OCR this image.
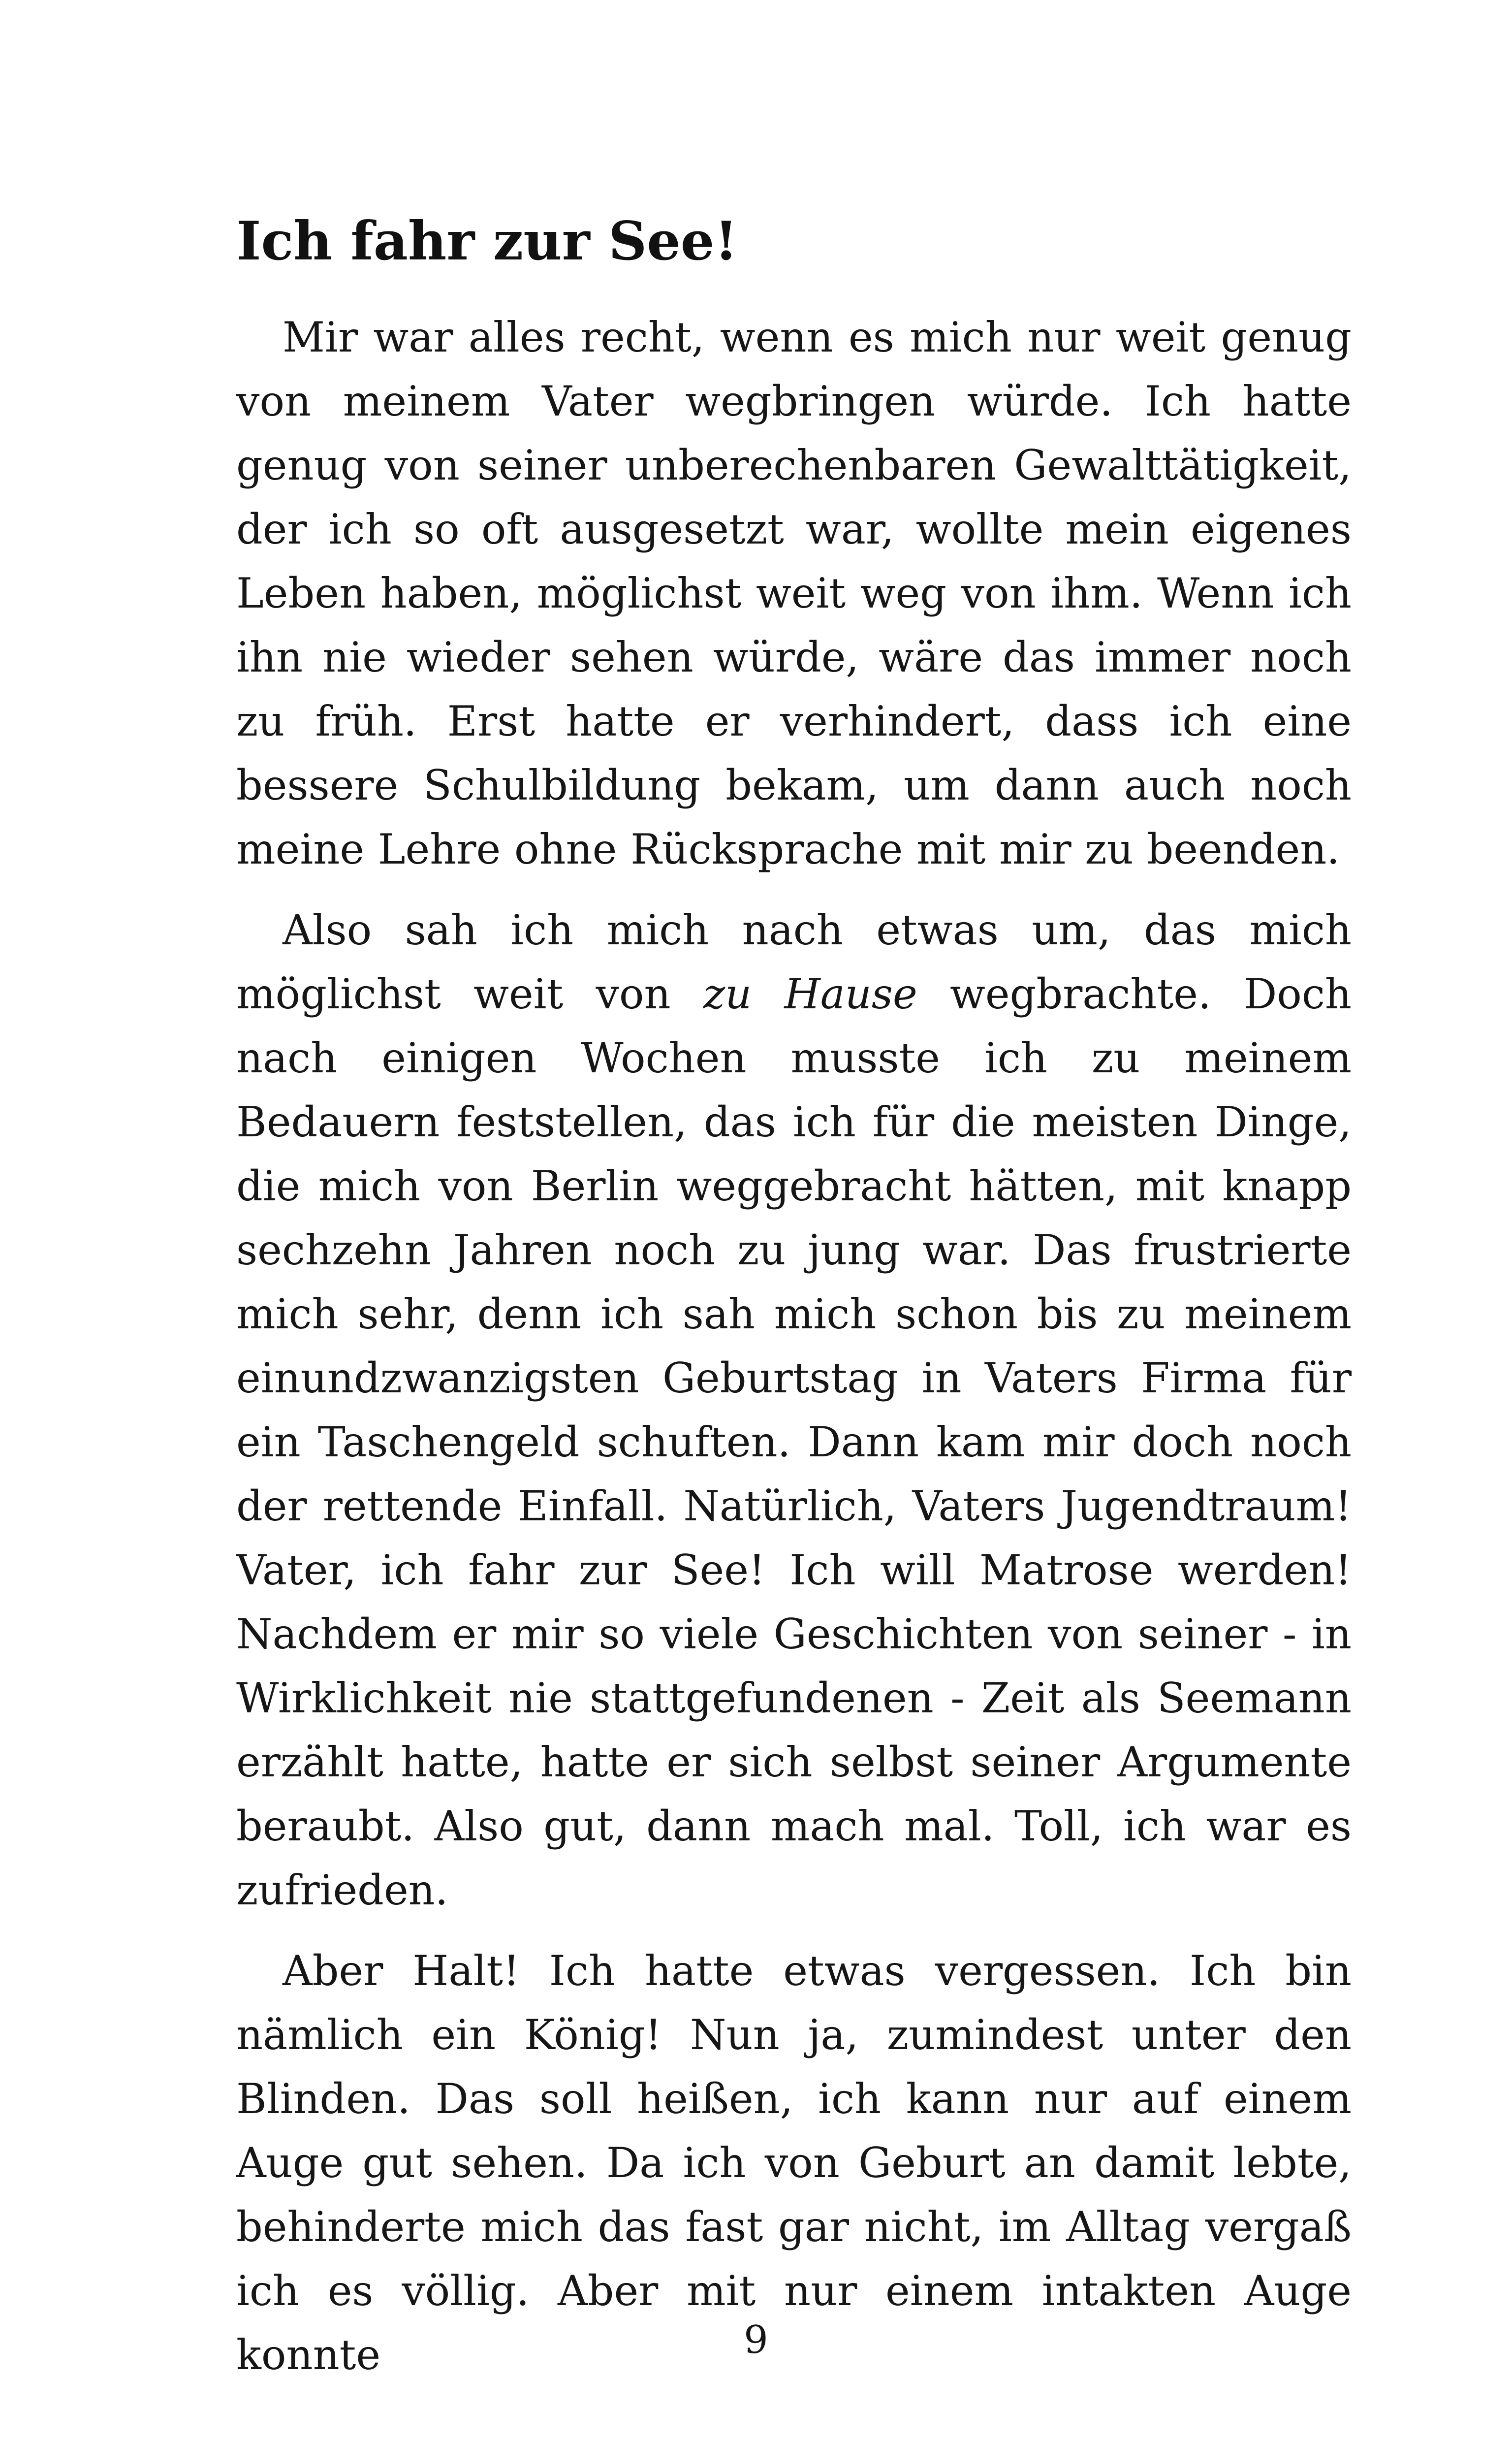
Ich fahr zur See!

Mir war alles recht, wenn es mich nur weit genug von meinem Vater wegbringen würde. Ich hatte genug von seiner unberechenbaren Gewalttätigkeit, der ich so oft ausgesetzt war, wollte mein eigenes Leben haben, möglichst weit weg von ihm. Wenn ich ihn nie wieder sehen würde, wäre das immer noch zu früh. Erst hatte er verhindert, dass ich eine bessere Schulbildung bekam, um dann auch noch meine Lehre ohne Rücksprache mit mir zu beenden.

Also sah ich mich nach etwas um, das mich möglichst weit von zu Hause wegbrachte. Doch nach einigen Wochen musste ich zu meinem Bedauern feststellen, das ich für die meisten Dinge, die mich von Berlin weggebracht hätten, mit knapp sechzehn Jahren noch zu jung war. Das frustrierte mich sehr, denn ich sah mich schon bis zu meinem einundzwanzigsten Geburtstag in Vaters Firma für ein Taschengeld schuften. Dann kam mir doch noch der rettende Einfall. Natürlich, Vaters Jugendtraum! Vater, ich fahr zur See! Ich will Matrose werden! Nachdem er mir so viele Geschichten von seiner - in Wirklichkeit nie stattgefundenen - Zeit als Seemann erzählt hatte, hatte er sich selbst seiner Argumente beraubt. Also gut, dann mach mal. Toll, ich war es zufrieden.

Aber Halt! Ich hatte etwas vergessen. Ich bin nämlich ein König! Nun ja, zumindest unter den Blinden. Das soll heißen, ich kann nur auf einem Auge gut sehen. Da ich von Geburt an damit lebte, behinderte mich das fast gar nicht, im Alltag vergaß ich es völlig. Aber mit nur einem intakten Auge konnte	9
